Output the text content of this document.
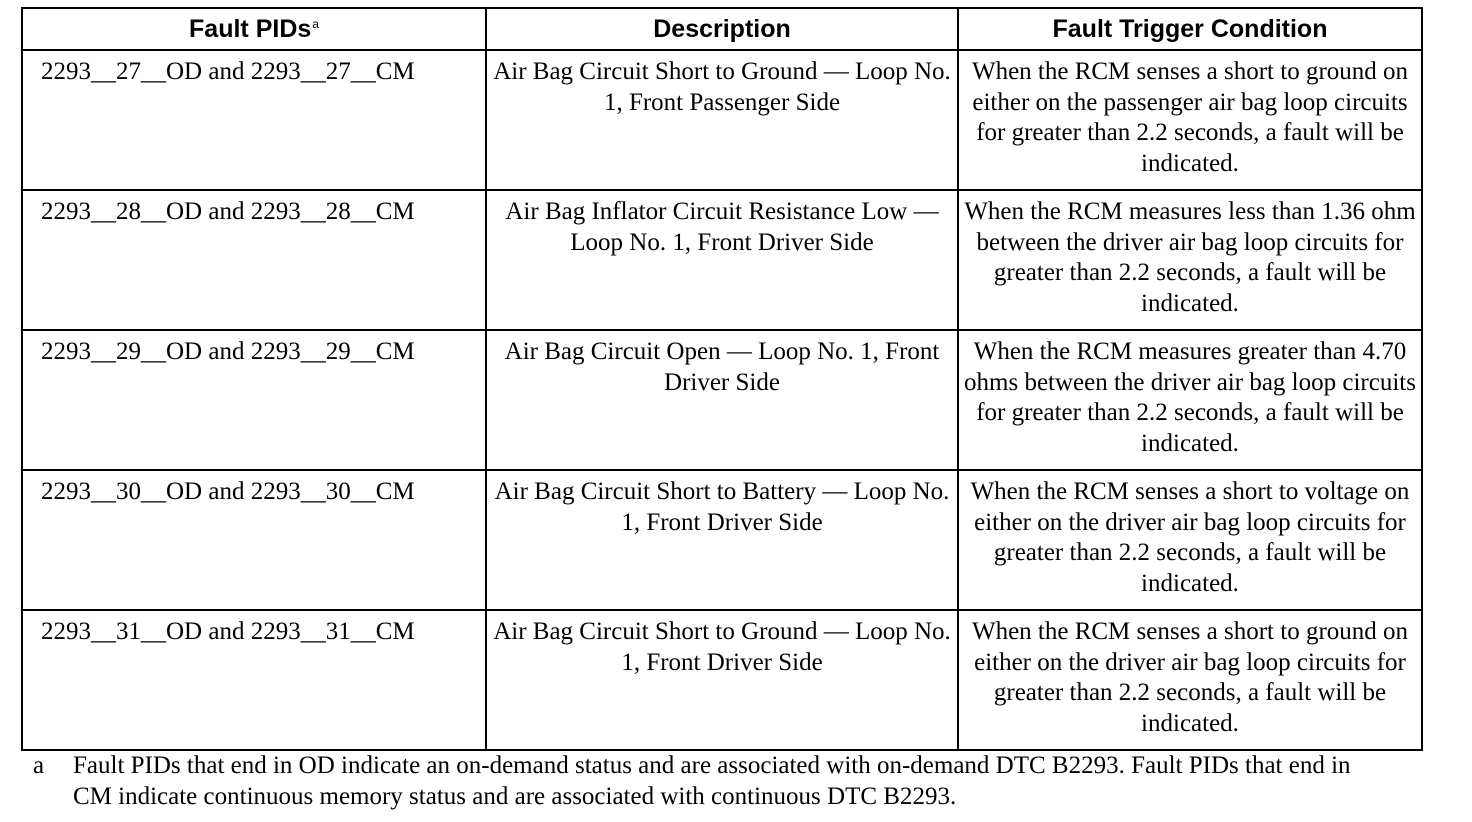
Fault PIDs$^a$	Description	Fault Trigger Condition
2293__27__OD and 2293__27__CM	Air Bag Circuit Short to Ground — Loop No. 1, Front Passenger Side	When the RCM senses a short to ground on either on the passenger air bag loop circuits for greater than 2.2 seconds, a fault will be indicated.
2293__28__OD and 2293__28__CM	Air Bag Inflator Circuit Resistance Low — Loop No. 1, Front Driver Side	When the RCM measures less than 1.36 ohm between the driver air bag loop circuits for greater than 2.2 seconds, a fault will be indicated.
2293__29__OD and 2293__29__CM	Air Bag Circuit Open — Loop No. 1, Front Driver Side	When the RCM measures greater than 4.70 ohms between the driver air bag loop circuits for greater than 2.2 seconds, a fault will be indicated.
2293__30__OD and 2293__30__CM	Air Bag Circuit Short to Battery — Loop No. 1, Front Driver Side	When the RCM senses a short to voltage on either on the driver air bag loop circuits for greater than 2.2 seconds, a fault will be indicated.
2293__31__OD and 2293__31__CM	Air Bag Circuit Short to Ground — Loop No. 1, Front Driver Side	When the RCM senses a short to ground on either on the driver air bag loop circuits for greater than 2.2 seconds, a fault will be indicated.
a Fault PIDs that end in OD indicate an on-demand status and are associated with on-demand DTC B2293. Fault PIDs that end in CM indicate continuous memory status and are associated with continuous DTC B2293.
